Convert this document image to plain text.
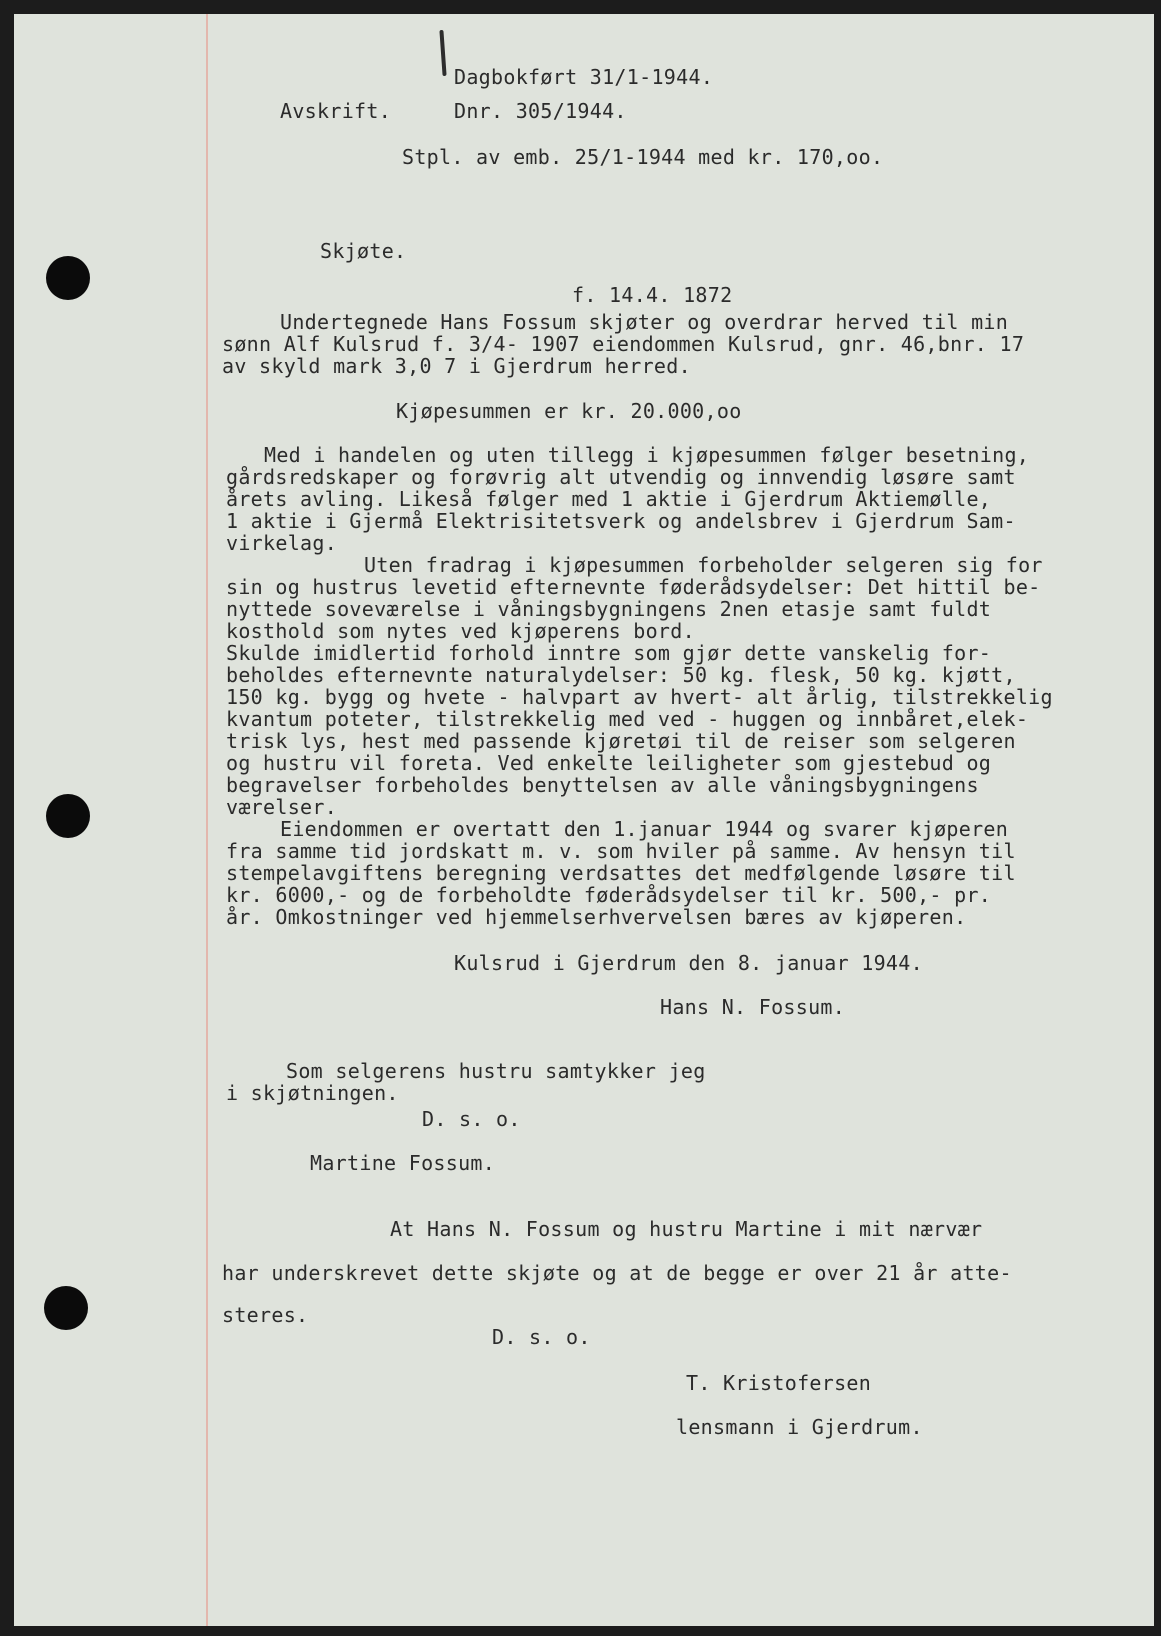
Dagbokført 31/1-1944.
Avskrift.	Dnr. 305/1944.
Stpl. av emb. 25/1-1944 med kr. 170,oo.
Skjøte.
f. 14.4. 1872
Undertegnede Hans Fossum skjøter og overdrar herved til min
sønn Alf Kulsrud f. 3/4- 1907 eiendommen Kulsrud, gnr. 46,bnr. 17
av skyld mark 3,0 7 i Gjerdrum herred.
Kjøpesummen er kr. 20.000,oo
Med i handelen og uten tillegg i kjøpesummen følger besetning,
gårdsredskaper og forøvrig alt utvendig og innvendig løsøre samt
årets avling. Likeså følger med 1 aktie i Gjerdrum Aktiemølle,
1 aktie i Gjermå Elektrisitetsverk og andelsbrev i Gjerdrum Sam-
virkelag.
Uten fradrag i kjøpesummen forbeholder selgeren sig for
sin og hustrus levetid efternevnte føderådsydelser: Det hittil be-
nyttede soveværelse i våningsbygningens 2nen etasje samt fuldt
kosthold som nytes ved kjøperens bord.
Skulde imidlertid forhold inntre som gjør dette vanskelig for-
beholdes efternevnte naturalydelser: 50 kg. flesk, 50 kg. kjøtt,
150 kg. bygg og hvete - halvpart av hvert- alt årlig, tilstrekkelig
kvantum poteter, tilstrekkelig med ved - huggen og innbåret,elek-
trisk lys, hest med passende kjøretøi til de reiser som selgeren
og hustru vil foreta. Ved enkelte leiligheter som gjestebud og
begravelser forbeholdes benyttelsen av alle våningsbygningens
værelser.
Eiendommen er overtatt den 1.januar 1944 og svarer kjøperen
fra samme tid jordskatt m. v. som hviler på samme. Av hensyn til
stempelavgiftens beregning verdsattes det medfølgende løsøre til
kr. 6000,- og de forbeholdte føderådsydelser til kr. 500,- pr.
år. Omkostninger ved hjemmelserhvervelsen bæres av kjøperen.
Kulsrud i Gjerdrum den 8. januar 1944.
Hans N. Fossum.
Som selgerens hustru samtykker jeg
i skjøtningen.
D. s. o.
Martine Fossum.
At Hans N. Fossum og hustru Martine i mit nærvær
har underskrevet dette skjøte og at de begge er over 21 år atte-
steres.
D. s. o.
T. Kristofersen
lensmann i Gjerdrum.
